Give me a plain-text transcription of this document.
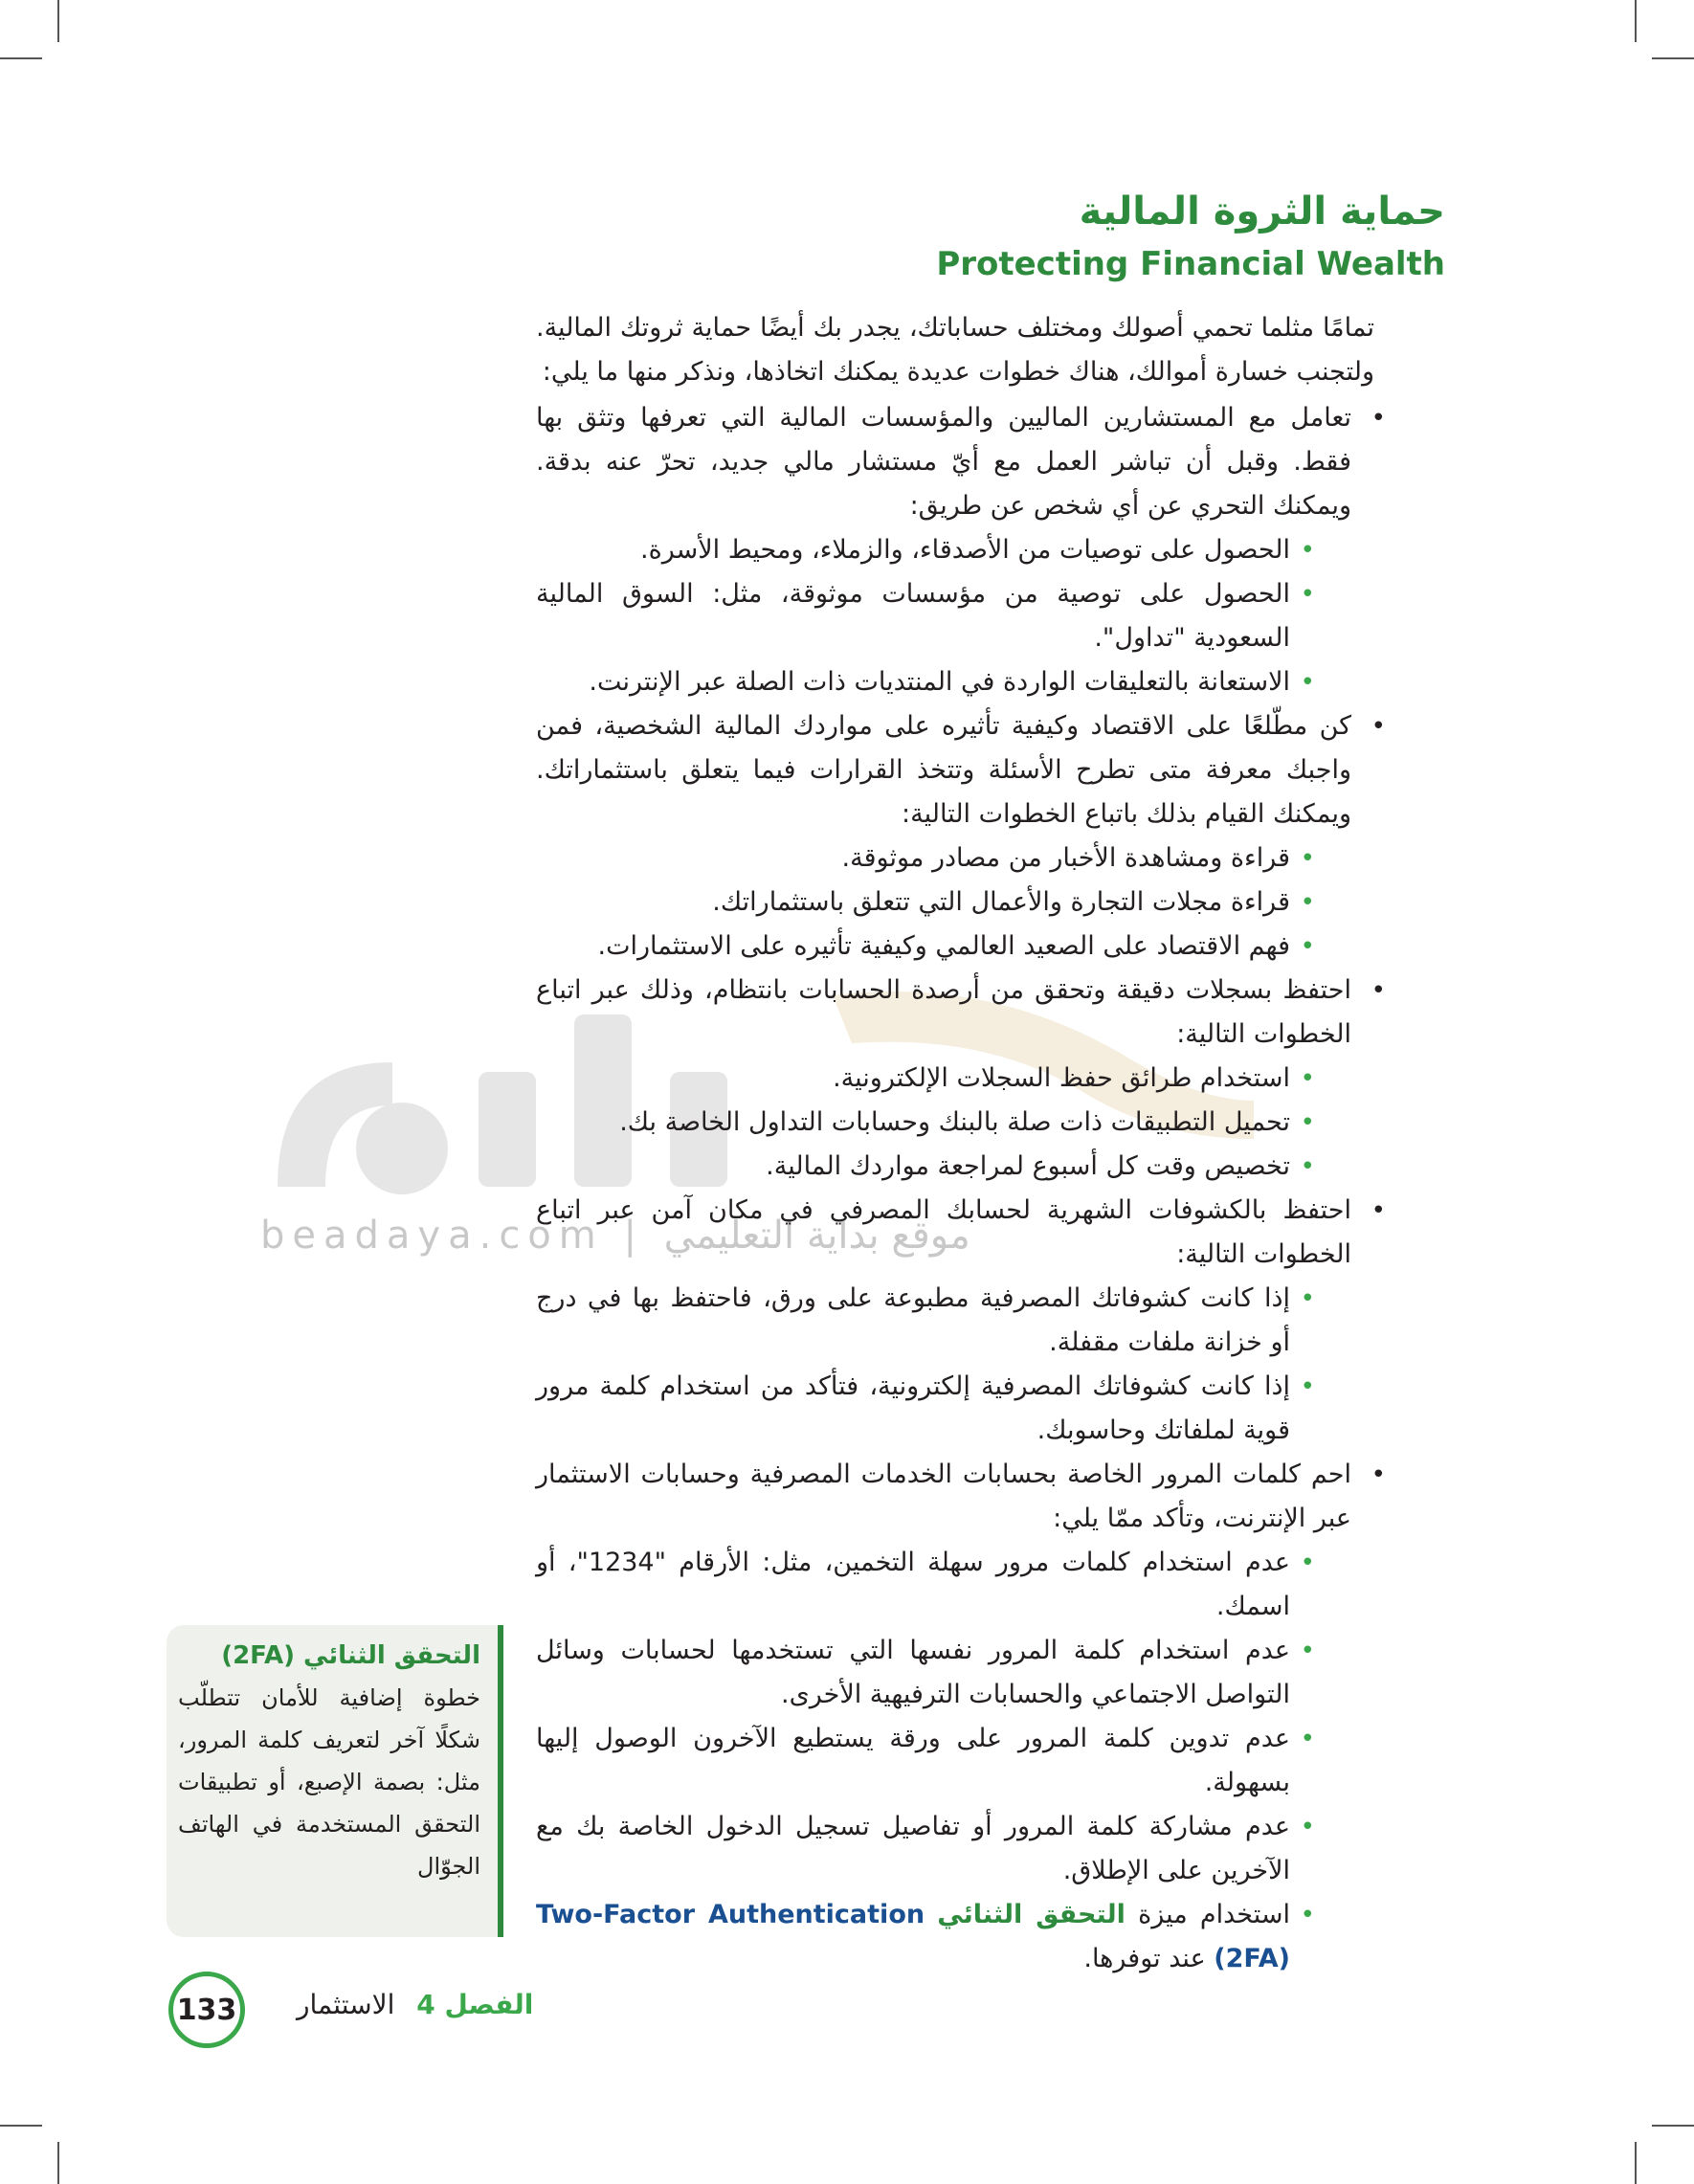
beadaya.com | موقع بداية التعليمي
حماية الثروة المالية
Protecting Financial Wealth

تمامًا مثلما تحمي أصولك ومختلف حساباتك، يجدر بك أيضًا حماية ثروتك المالية. ولتجنب خسارة أموالك، هناك خطوات عديدة يمكنك اتخاذها، ونذكر منها ما يلي:

• تعامل مع المستشارين الماليين والمؤسسات المالية التي تعرفها وتثق بها فقط. وقبل أن تباشر العمل مع أيّ مستشار مالي جديد، تحرّ عنه بدقة. ويمكنك التحري عن أي شخص عن طريق:
• الحصول على توصيات من الأصدقاء، والزملاء، ومحيط الأسرة.
• الحصول على توصية من مؤسسات موثوقة، مثل: السوق المالية السعودية "تداول".
• الاستعانة بالتعليقات الواردة في المنتديات ذات الصلة عبر الإنترنت.
• كن مطّلعًا على الاقتصاد وكيفية تأثيره على مواردك المالية الشخصية، فمن واجبك معرفة متى تطرح الأسئلة وتتخذ القرارات فيما يتعلق باستثماراتك. ويمكنك القيام بذلك باتباع الخطوات التالية:
• قراءة ومشاهدة الأخبار من مصادر موثوقة.
• قراءة مجلات التجارة والأعمال التي تتعلق باستثماراتك.
• فهم الاقتصاد على الصعيد العالمي وكيفية تأثيره على الاستثمارات.
• احتفظ بسجلات دقيقة وتحقق من أرصدة الحسابات بانتظام، وذلك عبر اتباع الخطوات التالية:
• استخدام طرائق حفظ السجلات الإلكترونية.
• تحميل التطبيقات ذات صلة بالبنك وحسابات التداول الخاصة بك.
• تخصيص وقت كل أسبوع لمراجعة مواردك المالية.
• احتفظ بالكشوفات الشهرية لحسابك المصرفي في مكان آمن عبر اتباع الخطوات التالية:
• إذا كانت كشوفاتك المصرفية مطبوعة على ورق، فاحتفظ بها في درج أو خزانة ملفات مقفلة.
• إذا كانت كشوفاتك المصرفية إلكترونية، فتأكد من استخدام كلمة مرور قوية لملفاتك وحاسوبك.
• احم كلمات المرور الخاصة بحسابات الخدمات المصرفية وحسابات الاستثمار عبر الإنترنت، وتأكد ممّا يلي:
• عدم استخدام كلمات مرور سهلة التخمين، مثل: الأرقام "1234"، أو اسمك.
• عدم استخدام كلمة المرور نفسها التي تستخدمها لحسابات وسائل التواصل الاجتماعي والحسابات الترفيهية الأخرى.
• عدم تدوين كلمة المرور على ورقة يستطيع الآخرون الوصول إليها بسهولة.
• عدم مشاركة كلمة المرور أو تفاصيل تسجيل الدخول الخاصة بك مع الآخرين على الإطلاق.
• استخدام ميزة التحقق الثنائي Two-Factor Authentication (2FA) عند توفرها.
التحقق الثنائي (2FA)
خطوة إضافية للأمان تتطلّب شكلًا آخر لتعريف كلمة المرور، مثل: بصمة الإصبع، أو تطبيقات التحقق المستخدمة في الهاتف الجوّال
133	الفصل 4 الاستثمار
